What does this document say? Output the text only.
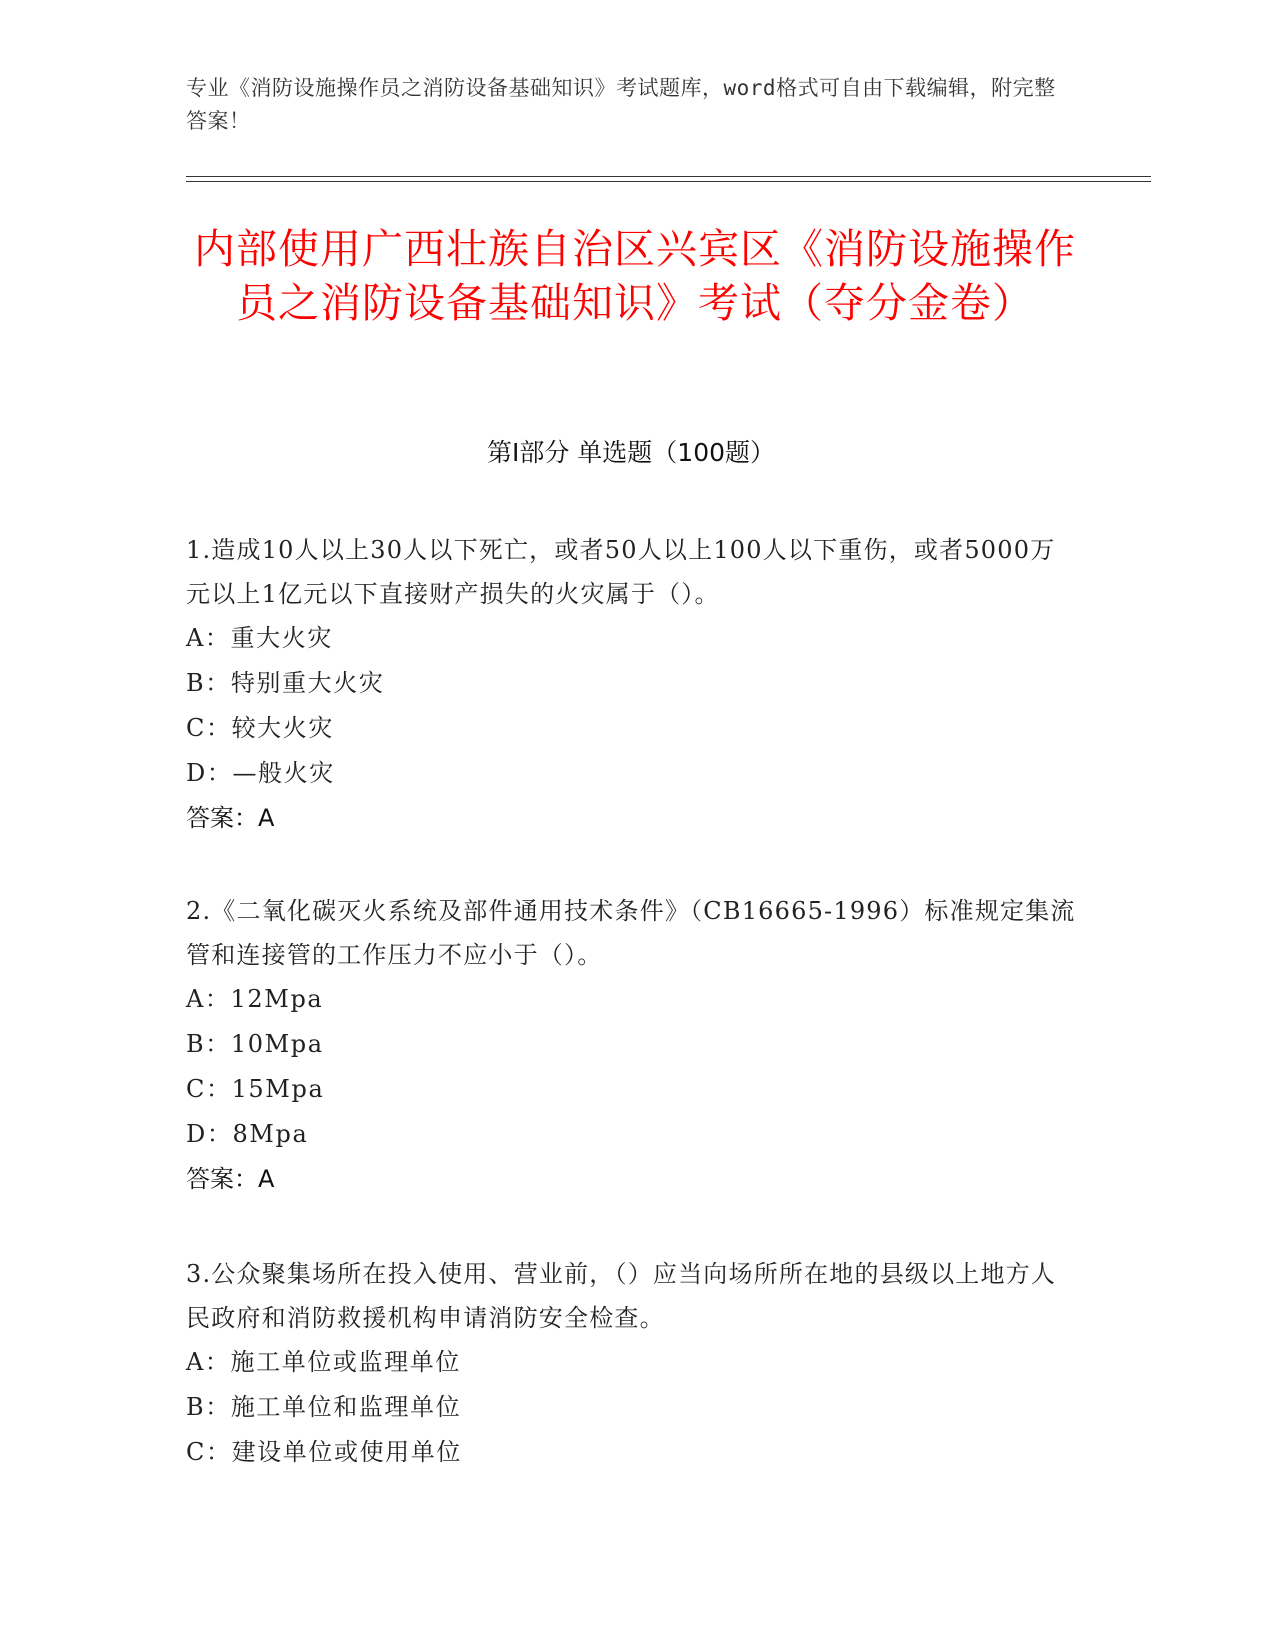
专业《消防设施操作员之消防设备基础知识》考试题库，word格式可自由下载编辑，附完整答案！
内部使用广西壮族自治区兴宾区《消防设施操作员之消防设备基础知识》考试（夺分金卷）
第Ⅰ部分 单选题（100题）

1.造成10人以上30人以下死亡，或者50人以上100人以下重伤，或者5000万元以上1亿元以下直接财产损失的火灾属于（）。

A：重大火灾

B：特别重大火灾

C：较大火灾

D：—般火灾

答案：A

2.《二氧化碳灭火系统及部件通用技术条件》（CB16665-1996）标准规定集流管和连接管的工作压力不应小于（）。

A：12Mpa

B：10Mpa

C：15Mpa

D：8Mpa

答案：A

3.公众聚集场所在投入使用、营业前，（）应当向场所所在地的县级以上地方人民政府和消防救援机构申请消防安全检查。

A：施工单位或监理单位

B：施工单位和监理单位

C：建设单位或使用单位
